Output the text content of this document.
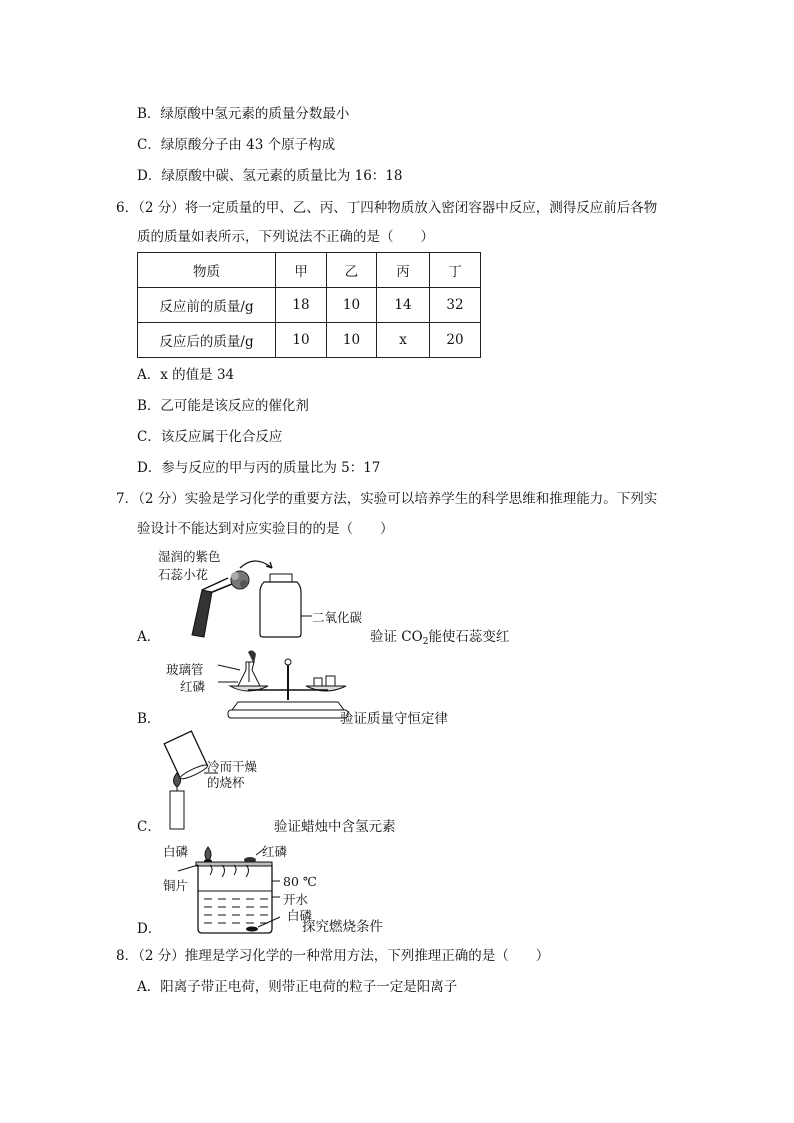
B．绿原酸中氢元素的质量分数最小
C．绿原酸分子由 43 个原子构成
D．绿原酸中碳、氢元素的质量比为 16：18
6．（2 分）将一定质量的甲、乙、丙、丁四种物质放入密闭容器中反应，测得反应前后各物
质的质量如表所示，下列说法不正确的是（　　）
物质	甲	乙	丙	丁
反应前的质量/g	18	10	14	32
反应后的质量/g	10	10	x	20
A．x 的值是 34
B．乙可能是该反应的催化剂
C．该反应属于化合反应
D．参与反应的甲与丙的质量比为 5：17
7．（2 分）实验是学习化学的重要方法，实验可以培养学生的科学思维和推理能力。下列实
验设计不能达到对应实验目的的是（　　）
湿润的紫色
石蕊小花
二氧化碳
A．	验证 $CO_2$能使石蕊变红
玻璃管
红磷
B．	验证质量守恒定律
冷而干燥
的烧杯
C．	验证蜡烛中含氢元素
白磷	红磷
铜片	80 ℃
开水
白磷
D．	探究燃烧条件
8．（2 分）推理是学习化学的一种常用方法，下列推理正确的是（　　）
A．阳离子带正电荷，则带正电荷的粒子一定是阳离子
